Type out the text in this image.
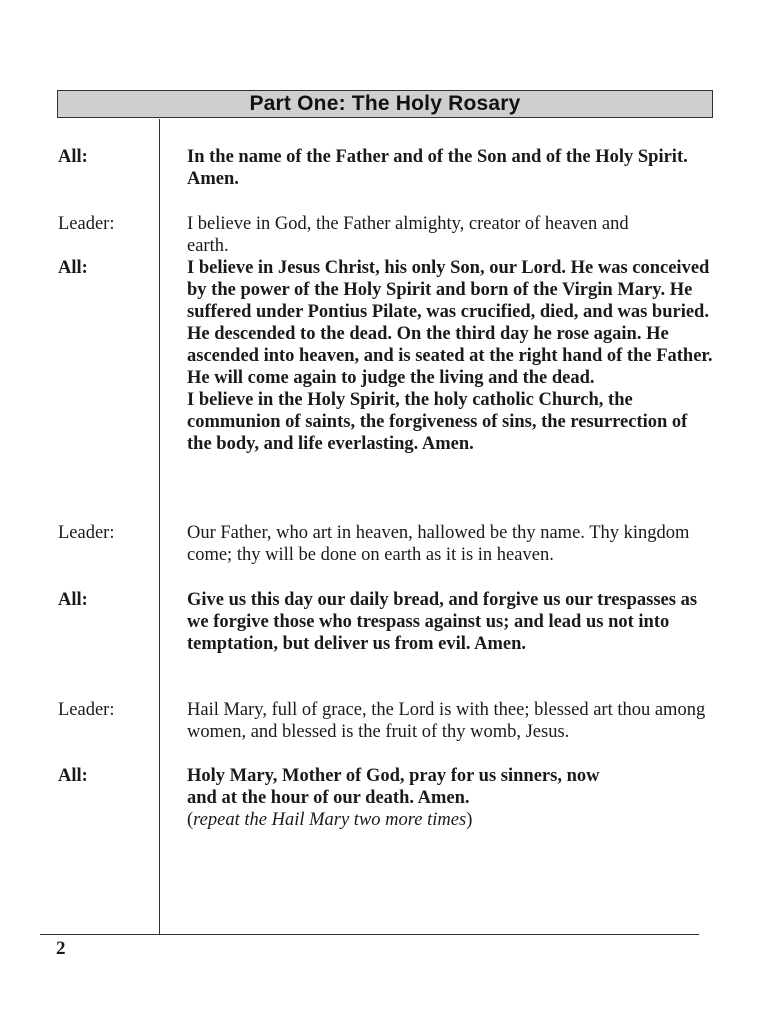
Part One: The Holy Rosary
All:	In the name of the Father and of the Son and of the Holy Spirit. Amen.

Leader:	I believe in God, the Father almighty, creator of heaven and earth.

All:	I believe in Jesus Christ, his only Son, our Lord. He was conceived by the power of the Holy Spirit and born of the Virgin Mary. He suffered under Pontius Pilate, was crucified, died, and was buried. He descended to the dead. On the third day he rose again. He ascended into heaven, and is seated at the right hand of the Father. He will come again to judge the living and the dead.

I believe in the Holy Spirit, the holy catholic Church, the communion of saints, the forgiveness of sins, the resurrection of the body, and life everlasting. Amen.

Leader:	Our Father, who art in heaven, hallowed be thy name. Thy kingdom come; thy will be done on earth as it is in heaven.

All:	Give us this day our daily bread, and forgive us our trespasses as we forgive those who trespass against us; and lead us not into temptation, but deliver us from evil. Amen.

Leader:	Hail Mary, full of grace, the Lord is with thee; blessed art thou among women, and blessed is the fruit of thy womb, Jesus.

All:	Holy Mary, Mother of God, pray for us sinners, now and at the hour of our death. Amen.

(repeat the Hail Mary two more times)
2
